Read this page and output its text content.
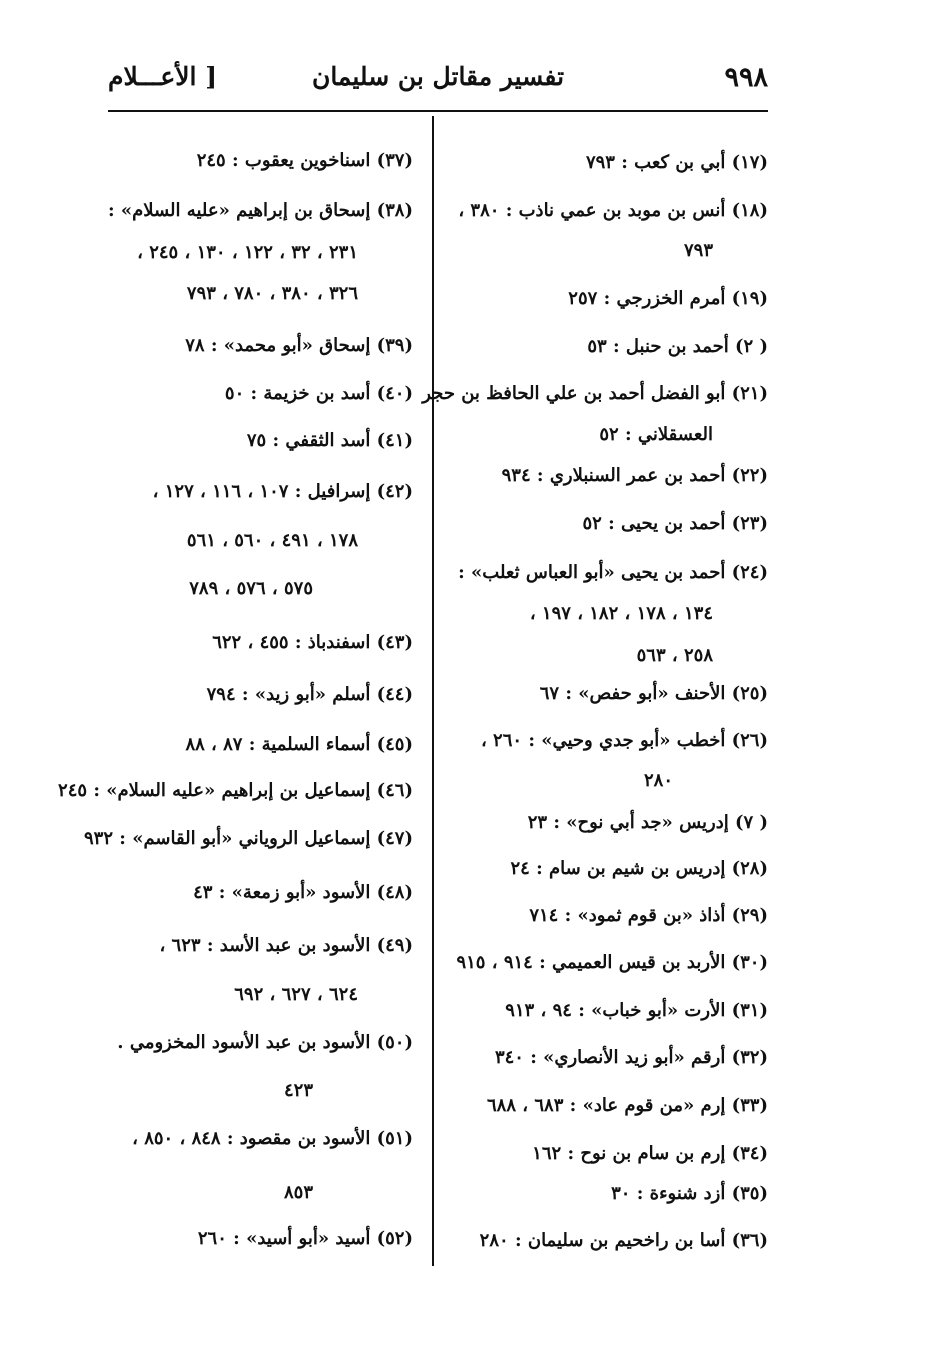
٩٩٨
تفسير مقاتل بن سليمان
[ الأعـــلام
(١٧) أبي بن كعب : ٧٩٣
(١٨) أنس بن موبد بن عمي ناذب : ٣٨٠ ،
٧٩٣
(١٩) أمرم الخزرجي : ٢٥٧
( ٢) أحمد بن حنبل : ٥٣
(٢١) أبو الفضل أحمد بن علي الحافظ بن حجر
العسقلاني : ٥٢
(٢٢) أحمد بن عمر السنبلاري : ٩٣٤
(٢٣) أحمد بن يحيى : ٥٢
(٢٤) أحمد بن يحيى «أبو العباس ثعلب» :
١٣٤ ، ١٧٨ ، ١٨٢ ، ١٩٧ ،
٢٥٨ ، ٥٦٣
(٢٥) الأحنف «أبو حفص» : ٦٧
(٢٦) أخطب «أبو جدي وحيي» : ٢٦٠ ،
٢٨٠
( ٧) إدريس «جد أبي نوح» : ٢٣
(٢٨) إدريس بن شيم بن سام : ٢٤
(٢٩) أذاذ «بن قوم ثمود» : ٧١٤
(٣٠) الأربد بن قيس العميمي : ٩١٤ ، ٩١٥
(٣١) الأرت «أبو خباب» : ٩٤ ، ٩١٣
(٣٢) أرقم «أبو زيد الأنصاري» : ٣٤٠
(٣٣) إرم «من قوم عاد» : ٦٨٣ ، ٦٨٨
(٣٤) إرم بن سام بن نوح : ١٦٢
(٣٥) أزد شنوءة : ٣٠
(٣٦) أسا بن راخحيم بن سليمان : ٢٨٠
(٣٧) اسناخوين يعقوب : ٢٤٥
(٣٨) إسحاق بن إبراهيم «عليه السلام» :
٢٣١ ، ٣٢ ، ١٢٢ ، ١٣٠ ، ٢٤٥ ،
٣٢٦ ، ٣٨٠ ، ٧٨٠ ، ٧٩٣
(٣٩) إسحاق «أبو محمد» : ٧٨
(٤٠) أسد بن خزيمة : ٥٠
(٤١) أسد الثقفي : ٧٥
(٤٢) إسرافيل : ١٠٧ ، ١١٦ ، ١٢٧ ،
١٧٨ ، ٤٩١ ، ٥٦٠ ، ٥٦١
٥٧٥ ، ٥٧٦ ، ٧٨٩
(٤٣) اسفندباذ : ٤٥٥ ، ٦٢٢
(٤٤) أسلم «أبو زيد» : ٧٩٤
(٤٥) أسماء السلمية : ٨٧ ، ٨٨
(٤٦) إسماعيل بن إبراهيم «عليه السلام» : ٢٤٥
(٤٧) إسماعيل الروياني «أبو القاسم» : ٩٣٢
(٤٨) الأسود «أبو زمعة» : ٤٣
(٤٩) الأسود بن عبد الأسد : ٦٢٣ ،
٦٢٤ ، ٦٢٧ ، ٦٩٢
(٥٠) الأسود بن عبد الأسود المخزومي .
٤٢٣
(٥١) الأسود بن مقصود : ٨٤٨ ، ٨٥٠ ،
٨٥٣
(٥٢) أسيد «أبو أسيد» : ٢٦٠
